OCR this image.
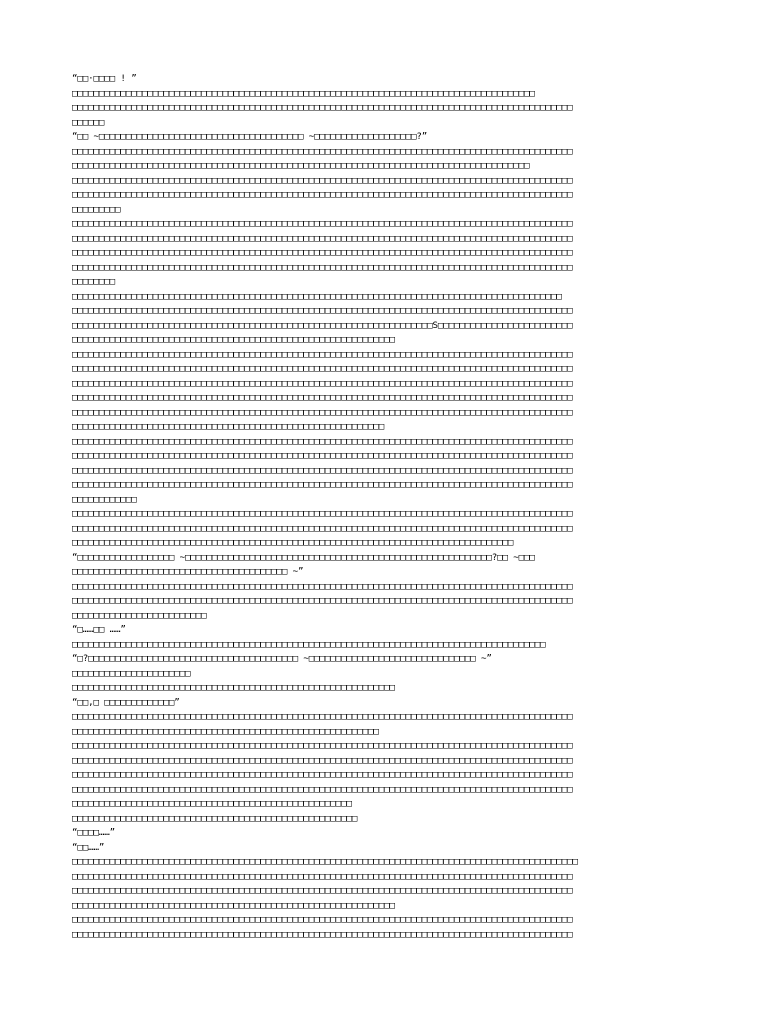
“□□·□□□□ ! ”
□□□□□□□□□□□□□□□□□□□□□□□□□□□□□□□□□□□□□□□□□□□□□□□□□□□□□□□□□□□□□□□□□□□□□□□□□□□□□□□□□□□□□□
□□□□□□□□□□□□□□□□□□□□□□□□□□□□□□□□□□□□□□□□□□□□□□□□□□□□□□□□□□□□□□□□□□□□□□□□□□□□□□□□□□□□□□□□□□□□□
□□□□□□
“□□ ~□□□□□□□□□□□□□□□□□□□□□□□□□□□□□□□□□□□□□□ ~□□□□□□□□□□□□□□□□□□□?”
□□□□□□□□□□□□□□□□□□□□□□□□□□□□□□□□□□□□□□□□□□□□□□□□□□□□□□□□□□□□□□□□□□□□□□□□□□□□□□□□□□□□□□□□□□□□□
□□□□□□□□□□□□□□□□□□□□□□□□□□□□□□□□□□□□□□□□□□□□□□□□□□□□□□□□□□□□□□□□□□□□□□□□□□□□□□□□□□□□□
□□□□□□□□□□□□□□□□□□□□□□□□□□□□□□□□□□□□□□□□□□□□□□□□□□□□□□□□□□□□□□□□□□□□□□□□□□□□□□□□□□□□□□□□□□□□□
□□□□□□□□□□□□□□□□□□□□□□□□□□□□□□□□□□□□□□□□□□□□□□□□□□□□□□□□□□□□□□□□□□□□□□□□□□□□□□□□□□□□□□□□□□□□□
□□□□□□□□□
□□□□□□□□□□□□□□□□□□□□□□□□□□□□□□□□□□□□□□□□□□□□□□□□□□□□□□□□□□□□□□□□□□□□□□□□□□□□□□□□□□□□□□□□□□□□□
□□□□□□□□□□□□□□□□□□□□□□□□□□□□□□□□□□□□□□□□□□□□□□□□□□□□□□□□□□□□□□□□□□□□□□□□□□□□□□□□□□□□□□□□□□□□□
□□□□□□□□□□□□□□□□□□□□□□□□□□□□□□□□□□□□□□□□□□□□□□□□□□□□□□□□□□□□□□□□□□□□□□□□□□□□□□□□□□□□□□□□□□□□□
□□□□□□□□□□□□□□□□□□□□□□□□□□□□□□□□□□□□□□□□□□□□□□□□□□□□□□□□□□□□□□□□□□□□□□□□□□□□□□□□□□□□□□□□□□□□□
□□□□□□□□
□□□□□□□□□□□□□□□□□□□□□□□□□□□□□□□□□□□□□□□□□□□□□□□□□□□□□□□□□□□□□□□□□□□□□□□□□□□□□□□□□□□□□□□□□□□
□□□□□□□□□□□□□□□□□□□□□□□□□□□□□□□□□□□□□□□□□□□□□□□□□□□□□□□□□□□□□□□□□□□□□□□□□□□□□□□□□□□□□□□□□□□□□
□□□□□□□□□□□□□□□□□□□□□□□□□□□□□□□□□□□□□□□□□□□□□□□□□□□□□□□□□□□□□□□□□□□S□□□□□□□□□□□□□□□□□□□□□□□□□
□□□□□□□□□□□□□□□□□□□□□□□□□□□□□□□□□□□□□□□□□□□□□□□□□□□□□□□□□□□□
□□□□□□□□□□□□□□□□□□□□□□□□□□□□□□□□□□□□□□□□□□□□□□□□□□□□□□□□□□□□□□□□□□□□□□□□□□□□□□□□□□□□□□□□□□□□□
□□□□□□□□□□□□□□□□□□□□□□□□□□□□□□□□□□□□□□□□□□□□□□□□□□□□□□□□□□□□□□□□□□□□□□□□□□□□□□□□□□□□□□□□□□□□□
□□□□□□□□□□□□□□□□□□□□□□□□□□□□□□□□□□□□□□□□□□□□□□□□□□□□□□□□□□□□□□□□□□□□□□□□□□□□□□□□□□□□□□□□□□□□□
□□□□□□□□□□□□□□□□□□□□□□□□□□□□□□□□□□□□□□□□□□□□□□□□□□□□□□□□□□□□□□□□□□□□□□□□□□□□□□□□□□□□□□□□□□□□□
□□□□□□□□□□□□□□□□□□□□□□□□□□□□□□□□□□□□□□□□□□□□□□□□□□□□□□□□□□□□□□□□□□□□□□□□□□□□□□□□□□□□□□□□□□□□□
□□□□□□□□□□□□□□□□□□□□□□□□□□□□□□□□□□□□□□□□□□□□□□□□□□□□□□□□□□
□□□□□□□□□□□□□□□□□□□□□□□□□□□□□□□□□□□□□□□□□□□□□□□□□□□□□□□□□□□□□□□□□□□□□□□□□□□□□□□□□□□□□□□□□□□□□
□□□□□□□□□□□□□□□□□□□□□□□□□□□□□□□□□□□□□□□□□□□□□□□□□□□□□□□□□□□□□□□□□□□□□□□□□□□□□□□□□□□□□□□□□□□□□
□□□□□□□□□□□□□□□□□□□□□□□□□□□□□□□□□□□□□□□□□□□□□□□□□□□□□□□□□□□□□□□□□□□□□□□□□□□□□□□□□□□□□□□□□□□□□
□□□□□□□□□□□□□□□□□□□□□□□□□□□□□□□□□□□□□□□□□□□□□□□□□□□□□□□□□□□□□□□□□□□□□□□□□□□□□□□□□□□□□□□□□□□□□
□□□□□□□□□□□□
□□□□□□□□□□□□□□□□□□□□□□□□□□□□□□□□□□□□□□□□□□□□□□□□□□□□□□□□□□□□□□□□□□□□□□□□□□□□□□□□□□□□□□□□□□□□□
□□□□□□□□□□□□□□□□□□□□□□□□□□□□□□□□□□□□□□□□□□□□□□□□□□□□□□□□□□□□□□□□□□□□□□□□□□□□□□□□□□□□□□□□□□□□□
□□□□□□□□□□□□□□□□□□□□□□□□□□□□□□□□□□□□□□□□□□□□□□□□□□□□□□□□□□□□□□□□□□□□□□□□□□□□□□□□□□
“□□□□□□□□□□□□□□□□□□ ~□□□□□□□□□□□□□□□□□□□□□□□□□□□□□□□□□□□□□□□□□□□□□□□□□□□□□□□□□?□□ ~□□□
□□□□□□□□□□□□□□□□□□□□□□□□□□□□□□□□□□□□□□□□ ~”
□□□□□□□□□□□□□□□□□□□□□□□□□□□□□□□□□□□□□□□□□□□□□□□□□□□□□□□□□□□□□□□□□□□□□□□□□□□□□□□□□□□□□□□□□□□□□
□□□□□□□□□□□□□□□□□□□□□□□□□□□□□□□□□□□□□□□□□□□□□□□□□□□□□□□□□□□□□□□□□□□□□□□□□□□□□□□□□□□□□□□□□□□□□
□□□□□□□□□□□□□□□□□□□□□□□□□
“□……□□ ……”
□□□□□□□□□□□□□□□□□□□□□□□□□□□□□□□□□□□□□□□□□□□□□□□□□□□□□□□□□□□□□□□□□□□□□□□□□□□□□□□□□□□□□□□□
“□?□□□□□□□□□□□□□□□□□□□□□□□□□□□□□□□□□□□□□□□ ~□□□□□□□□□□□□□□□□□□□□□□□□□□□□□□□ ~”
□□□□□□□□□□□□□□□□□□□□□□
□□□□□□□□□□□□□□□□□□□□□□□□□□□□□□□□□□□□□□□□□□□□□□□□□□□□□□□□□□□□
“□□,□ □□□□□□□□□□□□□”
□□□□□□□□□□□□□□□□□□□□□□□□□□□□□□□□□□□□□□□□□□□□□□□□□□□□□□□□□□□□□□□□□□□□□□□□□□□□□□□□□□□□□□□□□□□□□
□□□□□□□□□□□□□□□□□□□□□□□□□□□□□□□□□□□□□□□□□□□□□□□□□□□□□□□□□
□□□□□□□□□□□□□□□□□□□□□□□□□□□□□□□□□□□□□□□□□□□□□□□□□□□□□□□□□□□□□□□□□□□□□□□□□□□□□□□□□□□□□□□□□□□□□
□□□□□□□□□□□□□□□□□□□□□□□□□□□□□□□□□□□□□□□□□□□□□□□□□□□□□□□□□□□□□□□□□□□□□□□□□□□□□□□□□□□□□□□□□□□□□
□□□□□□□□□□□□□□□□□□□□□□□□□□□□□□□□□□□□□□□□□□□□□□□□□□□□□□□□□□□□□□□□□□□□□□□□□□□□□□□□□□□□□□□□□□□□□
□□□□□□□□□□□□□□□□□□□□□□□□□□□□□□□□□□□□□□□□□□□□□□□□□□□□□□□□□□□□□□□□□□□□□□□□□□□□□□□□□□□□□□□□□□□□□
□□□□□□□□□□□□□□□□□□□□□□□□□□□□□□□□□□□□□□□□□□□□□□□□□□□□
□□□□□□□□□□□□□□□□□□□□□□□□□□□□□□□□□□□□□□□□□□□□□□□□□□□□□
“□□□□……”
“□□……”
□□□□□□□□□□□□□□□□□□□□□□□□□□□□□□□□□□□□□□□□□□□□□□□□□□□□□□□□□□□□□□□□□□□□□□□□□□□□□□□□□□□□□□□□□□□□□□
□□□□□□□□□□□□□□□□□□□□□□□□□□□□□□□□□□□□□□□□□□□□□□□□□□□□□□□□□□□□□□□□□□□□□□□□□□□□□□□□□□□□□□□□□□□□□
□□□□□□□□□□□□□□□□□□□□□□□□□□□□□□□□□□□□□□□□□□□□□□□□□□□□□□□□□□□□□□□□□□□□□□□□□□□□□□□□□□□□□□□□□□□□□
□□□□□□□□□□□□□□□□□□□□□□□□□□□□□□□□□□□□□□□□□□□□□□□□□□□□□□□□□□□□
□□□□□□□□□□□□□□□□□□□□□□□□□□□□□□□□□□□□□□□□□□□□□□□□□□□□□□□□□□□□□□□□□□□□□□□□□□□□□□□□□□□□□□□□□□□□□
□□□□□□□□□□□□□□□□□□□□□□□□□□□□□□□□□□□□□□□□□□□□□□□□□□□□□□□□□□□□□□□□□□□□□□□□□□□□□□□□□□□□□□□□□□□□□
